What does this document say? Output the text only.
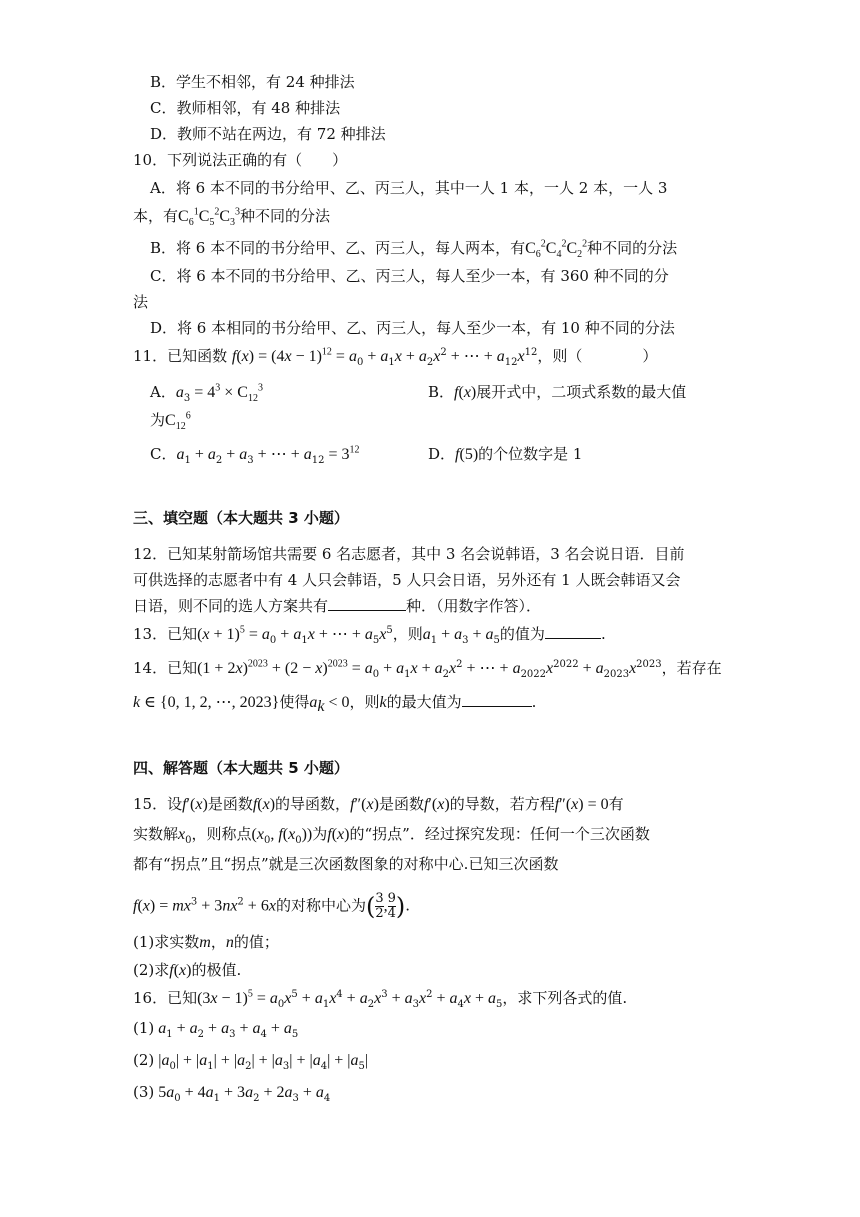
B．学生不相邻，有 24 种排法
C．教师相邻，有 48 种排法
D．教师不站在两边，有 72 种排法
10．下列说法正确的有（　　）
A．将 6 本不同的书分给甲、乙、丙三人，其中一人 1 本，一人 2 本，一人 3
本，有$C_6^1C_5^2C_3^3$种不同的分法
B．将 6 本不同的书分给甲、乙、丙三人，每人两本，有$C_6^2C_4^2C_2^2$种不同的分法
C．将 6 本不同的书分给甲、乙、丙三人，每人至少一本，有 360 种不同的分
法
D．将 6 本相同的书分给甲、乙、丙三人，每人至少一本，有 10 种不同的分法
11．已知函数 $f(x) = (4x - 1)^{12} = a_0 + a_1x + a_2x^2$ + ⋯ + $a_{12}x^{12}$，则（　　　　）
A．$a_3 = 4^3 \times C_{12}^3$	B．f(x)展开式中，二项式系数的最大值
为$C_{12}^6$
C．$a_1 + a_2 + a_3$ + ⋯ + $a_{12} = 3^{12}$	D．f(5)的个位数字是 1
三、填空题（本大题共 3 小题）
12．已知某射箭场馆共需要 6 名志愿者，其中 3 名会说韩语，3 名会说日语．目前
可供选择的志愿者中有 4 人只会韩语，5 人只会日语，另外还有 1 人既会韩语又会
日语，则不同的选人方案共有	种．（用数字作答）．
13．已知$(x + 1)^5 = a_0 + a_1x$ + ⋯ + $a_5x^5$，则$a_1 + a_3 + a_5$的值为	.
14．已知$(1 + 2x)^{2023} + (2 - x)^{2023} = a_0 + a_1x + a_2x^2$ + ⋯ + $a_{2022}x^{2022} + a_{2023}x^{2023}$，若存在
k ∈ {0, 1, 2, ⋯, 2023}使得$a_k < 0$，则k的最大值为	.
四、解答题（本大题共 5 小题）
15．设f′(x)是函数f(x)的导函数，f″(x)是函数f′(x)的导数，若方程f″(x) = 0有
实数解$x_0$，则称点($x_0$, $f(x_0)$)为f(x)的“拐点”．经过探究发现：任何一个三次函数
都有“拐点”且“拐点”就是三次函数图象的对称中心.已知三次函数
$f(x) = mx^3 + 3nx^2 + 6x$的对称中心为( $\frac{3}{2}$ , $\frac{9}{4}$ ).
(1)求实数m，n的值；
(2)求f(x)的极值.
16．已知$(3x - 1)^5 = a_0x^5 + a_1x^4 + a_2x^3 + a_3x^2 + a_4x + a_5$，求下列各式的值.
(1) $a_1 + a_2 + a_3 + a_4 + a_5$
(2) $|a_0| + |a_1| + |a_2| + |a_3| + |a_4| + |a_5|$
(3) $5a_0 + 4a_1 + 3a_2 + 2a_3 + a_4$
